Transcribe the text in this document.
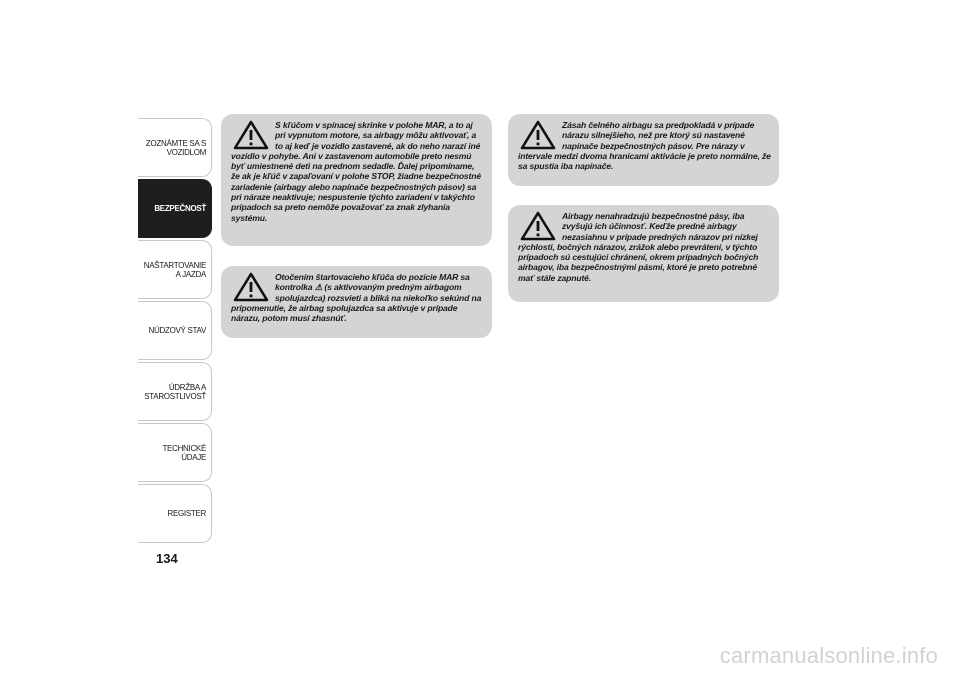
ZOZNÁMTE SA S VOZIDLOM
BEZPEČNOSŤ
NAŠTARTOVANIE A JAZDA
NÚDZOVÝ STAV
ÚDRŽBA A STAROSTLIVOSŤ
TECHNICKÉ ÚDAJE
REGISTER
134

S kľúčom v spínacej skrinke v polohe MAR, a to aj pri vypnutom motore, sa airbagy môžu aktivovať, a to aj keď je vozidlo zastavené, ak do neho narazí iné vozidlo v pohybe. Ani v zastavenom automobile preto nesmú byť umiestnené deti na prednom sedadle. Ďalej pripomíname, že ak je kľúč v zapaľovaní v polohe STOP, žiadne bezpečnostné zariadenie (airbagy alebo napínače bezpečnostných pásov) sa pri náraze neaktivuje; nespustenie týchto zariadení v takýchto prípadoch sa preto nemôže považovať za znak zlyhania systému.

Otočením štartovacieho kľúča do pozície MAR sa kontrolka ⚠ (s aktivovaným predným airbagom spolujazdca) rozsvieti a bliká na niekoľko sekúnd na pripomenutie, že airbag spolujazdca sa aktivuje v prípade nárazu, potom musí zhasnúť.

Zásah čelného airbagu sa predpokladá v prípade nárazu silnejšieho, než pre ktorý sú nastavené napínače bezpečnostných pásov. Pre nárazy v intervale medzi dvoma hranicami aktivácie je preto normálne, že sa spustia iba napínače.

Airbagy nenahradzujú bezpečnostné pásy, iba zvyšujú ich účinnosť. Keďže predné airbagy nezasiahnu v prípade predných nárazov pri nízkej rýchlosti, bočných nárazov, zrážok alebo prevrátení, v týchto prípadoch sú cestujúci chránení, okrem prípadných bočných airbagov, iba bezpečnostnými pásmi, ktoré je preto potrebné mať stále zapnuté.

carmanualsonline.info
